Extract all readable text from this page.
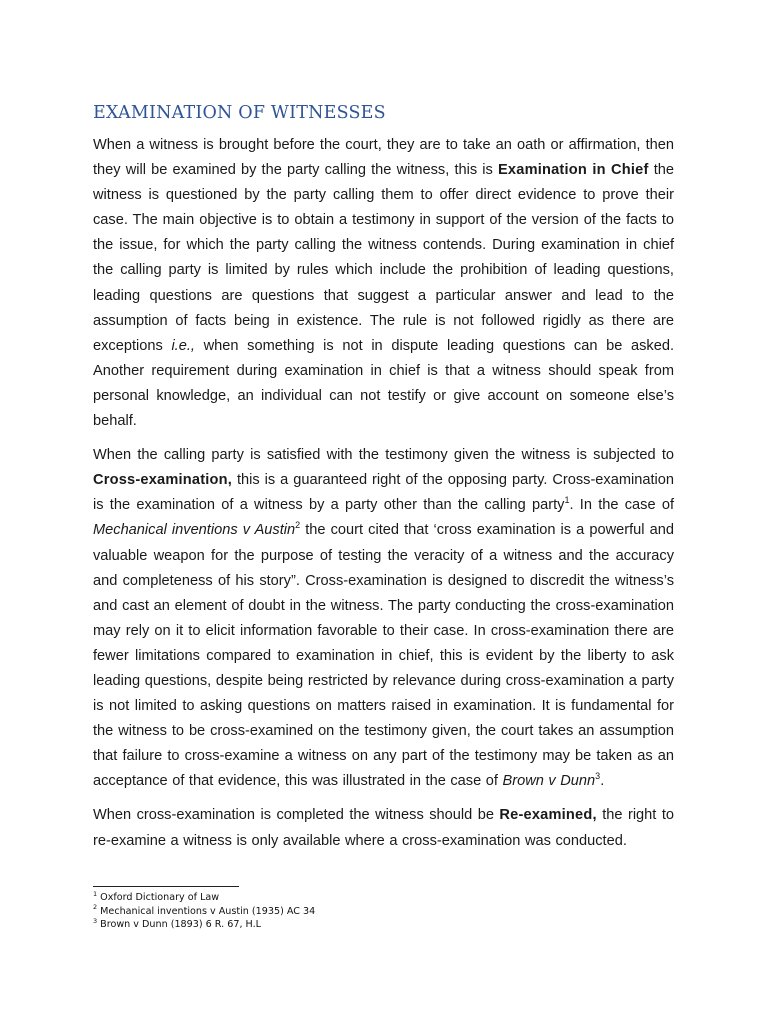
EXAMINATION OF WITNESSES

When a witness is brought before the court, they are to take an oath or affirmation, then they will be examined by the party calling the witness, this is Examination in Chief the witness is questioned by the party calling them to offer direct evidence to prove their case. The main objective is to obtain a testimony in support of the version of the facts to the issue, for which the party calling the witness contends. During examination in chief the calling party is limited by rules which include the prohibition of leading questions, leading questions are questions that suggest a particular answer and lead to the assumption of facts being in existence. The rule is not followed rigidly as there are exceptions i.e., when something is not in dispute leading questions can be asked. Another requirement during examination in chief is that a witness should speak from personal knowledge, an individual can not testify or give account on someone else’s behalf.

When the calling party is satisfied with the testimony given the witness is subjected to Cross-examination, this is a guaranteed right of the opposing party. Cross-examination is the examination of a witness by a party other than the calling party$^1$. In the case of Mechanical inventions v Austin$^2$ the court cited that ‘cross examination is a powerful and valuable weapon for the purpose of testing the veracity of a witness and the accuracy and completeness of his story”. Cross-examination is designed to discredit the witness’s and cast an element of doubt in the witness. The party conducting the cross-examination may rely on it to elicit information favorable to their case. In cross-examination there are fewer limitations compared to examination in chief, this is evident by the liberty to ask leading questions, despite being restricted by relevance during cross-examination a party is not limited to asking questions on matters raised in examination. It is fundamental for the witness to be cross-examined on the testimony given, the court takes an assumption that failure to cross-examine a witness on any part of the testimony may be taken as an acceptance of that evidence, this was illustrated in the case of Brown v Dunn$^3$.

When cross-examination is completed the witness should be Re-examined, the right to re-examine a witness is only available where a cross-examination was conducted.

$^1$ Oxford Dictionary of Law
$^2$ Mechanical inventions v Austin (1935) AC 34
$^3$ Brown v Dunn (1893) 6 R. 67, H.L
